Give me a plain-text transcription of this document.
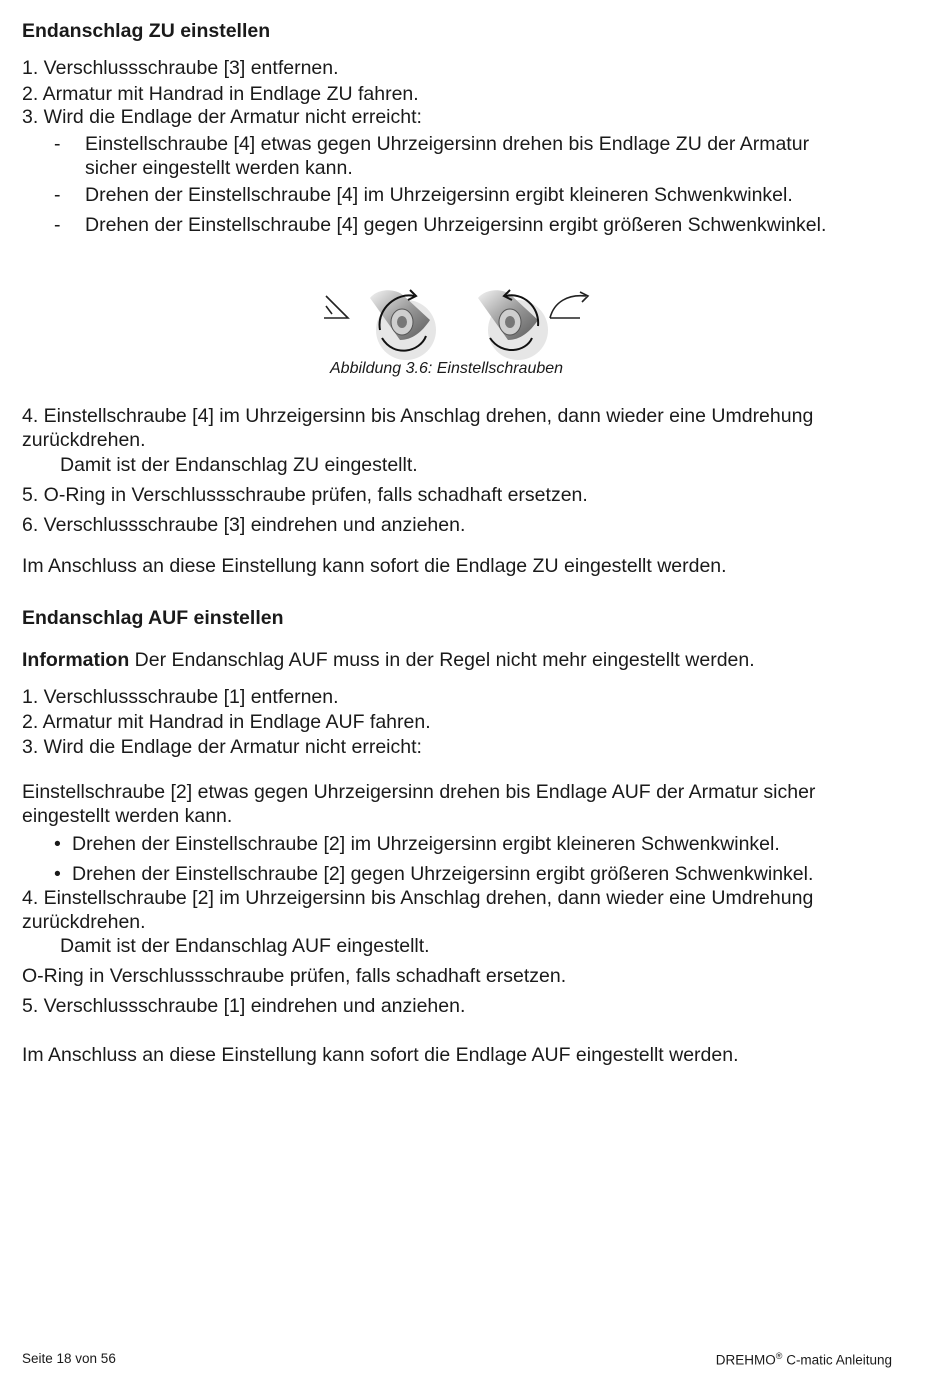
Endanschlag ZU einstellen
1. Verschlussschraube [3] entfernen.
2. Armatur mit Handrad in Endlage ZU fahren.
3. Wird die Endlage der Armatur nicht erreicht:
- Einstellschraube [4] etwas gegen Uhrzeigersinn drehen bis Endlage ZU der Armatur
sicher eingestellt werden kann.
- Drehen der Einstellschraube [4] im Uhrzeigersinn ergibt kleineren Schwenkwinkel.
- Drehen der Einstellschraube [4] gegen Uhrzeigersinn ergibt größeren Schwenkwinkel.
Abbildung 3.6: Einstellschrauben
4. Einstellschraube [4] im Uhrzeigersinn bis Anschlag drehen, dann wieder eine Umdrehung
zurückdrehen.
Damit ist der Endanschlag ZU eingestellt.
5. O-Ring in Verschlussschraube prüfen, falls schadhaft ersetzen.
6. Verschlussschraube [3] eindrehen und anziehen.
Im Anschluss an diese Einstellung kann sofort die Endlage ZU eingestellt werden.
Endanschlag AUF einstellen
Information Der Endanschlag AUF muss in der Regel nicht mehr eingestellt werden.
1. Verschlussschraube [1] entfernen.
2. Armatur mit Handrad in Endlage AUF fahren.
3. Wird die Endlage der Armatur nicht erreicht:
Einstellschraube [2] etwas gegen Uhrzeigersinn drehen bis Endlage AUF der Armatur sicher
eingestellt werden kann.
• Drehen der Einstellschraube [2] im Uhrzeigersinn ergibt kleineren Schwenkwinkel.
• Drehen der Einstellschraube [2] gegen Uhrzeigersinn ergibt größeren Schwenkwinkel.
4. Einstellschraube [2] im Uhrzeigersinn bis Anschlag drehen, dann wieder eine Umdrehung
zurückdrehen.
Damit ist der Endanschlag AUF eingestellt.
O-Ring in Verschlussschraube prüfen, falls schadhaft ersetzen.
5. Verschlussschraube [1] eindrehen und anziehen.
Im Anschluss an diese Einstellung kann sofort die Endlage AUF eingestellt werden.
Seite 18 von 56	DREHMO® C-matic Anleitung
